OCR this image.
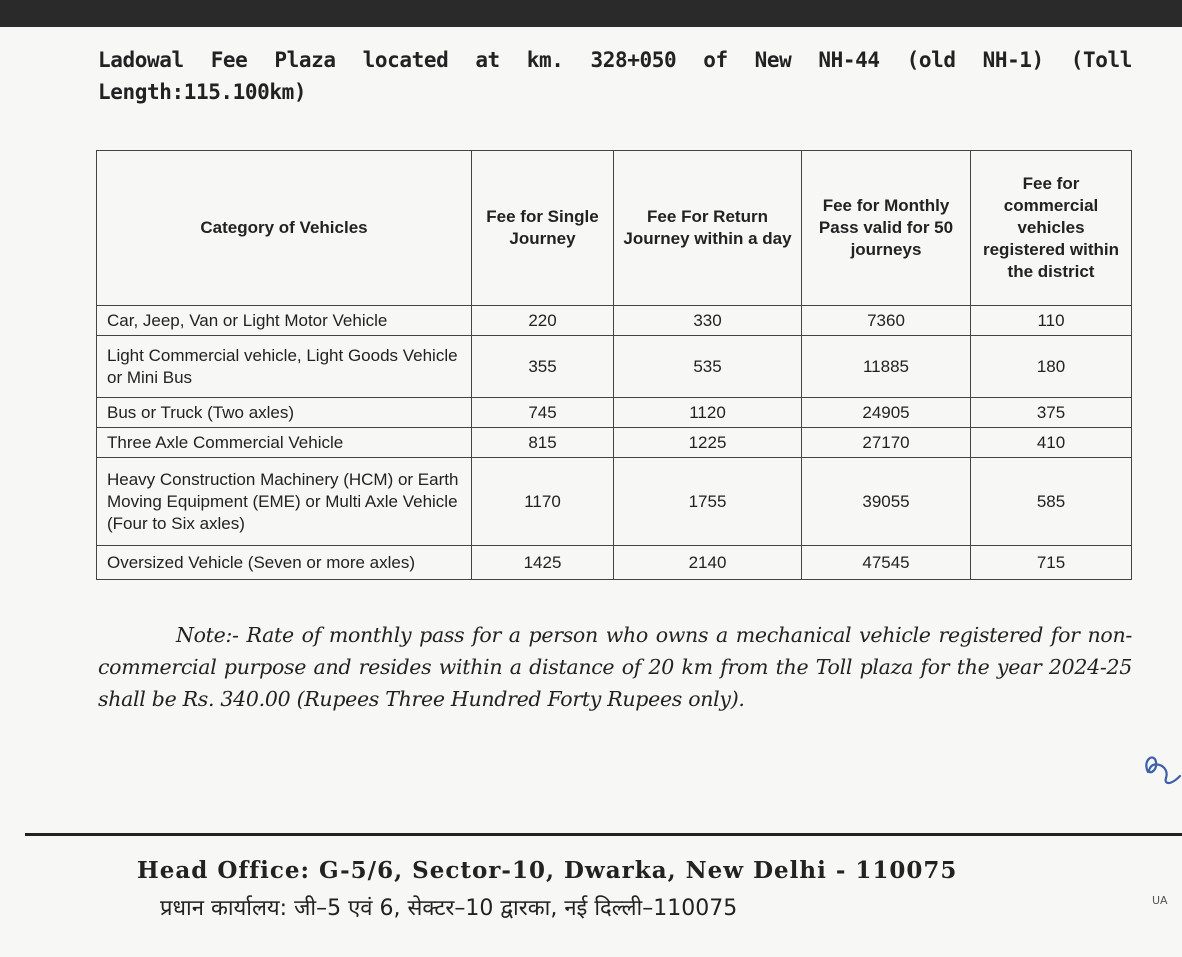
Ladowal Fee Plaza located at km. 328+050 of New NH-44 (old NH-1) (Toll Length:115.100km)
Category of Vehicles	Fee for Single Journey	Fee For Return Journey within a day	Fee for Monthly Pass valid for 50 journeys	Fee for commercial vehicles registered within the district
Car, Jeep, Van or Light Motor Vehicle	220	330	7360	110
Light Commercial vehicle, Light Goods Vehicle or Mini Bus	355	535	11885	180
Bus or Truck (Two axles)	745	1120	24905	375
Three Axle Commercial Vehicle	815	1225	27170	410
Heavy Construction Machinery (HCM) or Earth Moving Equipment (EME) or Multi Axle Vehicle (Four to Six axles)	1170	1755	39055	585
Oversized Vehicle (Seven or more axles)	1425	2140	47545	715
Note:- Rate of monthly pass for a person who owns a mechanical vehicle registered for non-commercial purpose and resides within a distance of 20 km from the Toll plaza for the year 2024-25 shall be Rs. 340.00 (Rupees Three Hundred Forty Rupees only).
Head Office: G-5/6, Sector-10, Dwarka, New Delhi - 110075
प्रधान कार्यालय: जी–5 एवं 6, सेक्टर–10 द्वारका, नई दिल्ली–110075	UA
